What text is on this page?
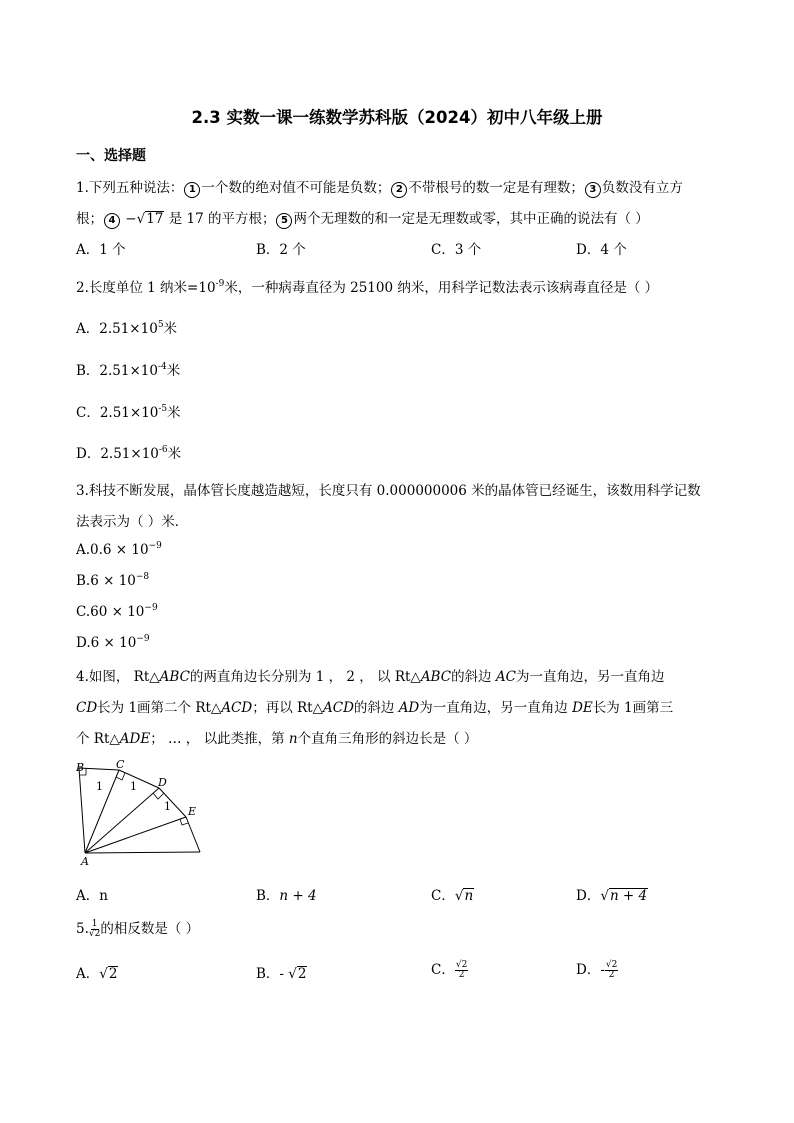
2.3 实数一课一练数学苏科版（2024）初中八年级上册
一、选择题
1.下列五种说法： 1 一个数的绝对值不可能是负数； 2 不带根号的数一定是有理数； 3 负数没有立方
根； 4 −√17 是 17 的平方根； 5 两个无理数的和一定是无理数或零，其中正确的说法有（ ）
A．1 个	B．2 个	C．3 个	D．4 个
2.长度单位 1 纳米$=10^{-9}$米，一种病毒直径为 25100 纳米，用科学记数法表示该病毒直径是（ ）
A．$2.51\times 10^5$米
B．$2.51\times 10^{-4}$米
C．$2.51\times 10^{-5}$米
D．$2.51\times 10^{-6}$米
3.科技不断发展，晶体管长度越造越短，长度只有 0.000000006 米的晶体管已经诞生，该数用科学记数
法表示为（ ）米．
$A.0.6 \times 10^{-9}$
$B.6 \times 10^{-8}$
$C.60 \times 10^{-9}$
$D.6 \times 10^{-9}$
4.如图， Rt△ABC的两直角边长分别为 1 ， 2 ， 以 Rt△ABC的斜边 AC为一直角边，另一直角边
CD长为 1画第二个 Rt△ACD；再以 Rt△ACD的斜边 AD为一直角边，另一直角边 DE长为 1画第三
个 Rt△ADE； … ， 以此类推，第 n个直角三角形的斜边长是（ ）
B	C
D
E
A
1 1
1
A．n	B．n + 4	C．√n	D．√n + 4
5. $\frac{1}{√2}$ 的相反数是（ ）
A．√2	B．- √2	C． $\frac{√2}{2}$	D．- $\frac{√2}{2}$
